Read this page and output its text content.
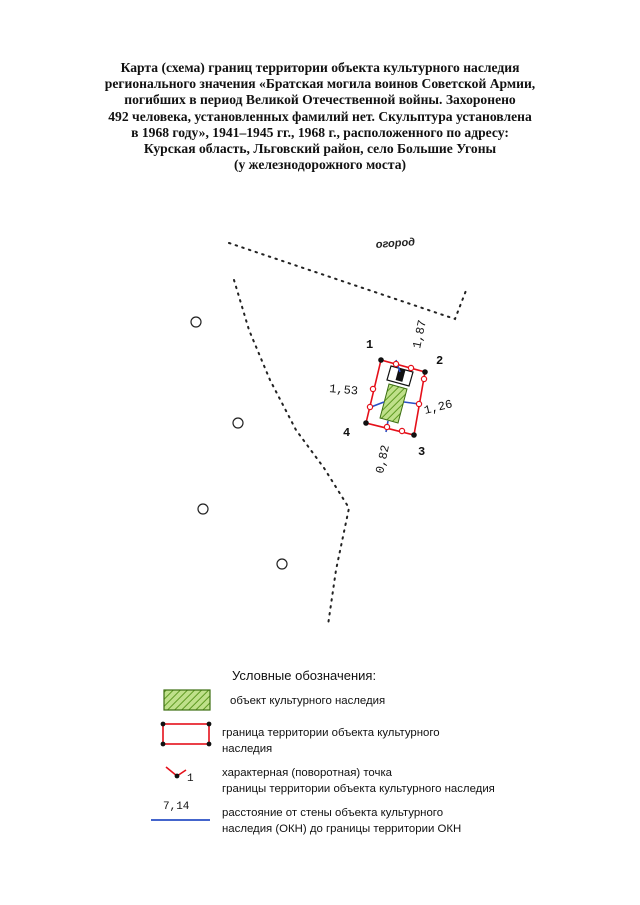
Карта (схема) границ территории объекта культурного наследия
регионального значения «Братская могила воинов Советской Армии,
погибших в период Великой Отечественной войны. Захоронено
492 человека, установленных фамилий нет. Скульптура установлена
в 1968 году», 1941–1945 гг., 1968 г., расположенного по адресу:
Курская область, Льговский район, село Большие Угоны
(у железнодорожного моста)
огород
1
2
3
4
1,87
1,53
1,26
0,82
1
7,14
Условные обозначения:
объект культурного наследия
граница территории объекта культурного
наследия
характерная (поворотная) точка
границы территории объекта культурного наследия
расстояние от стены объекта культурного
наследия (ОКН) до границы территории ОКН
